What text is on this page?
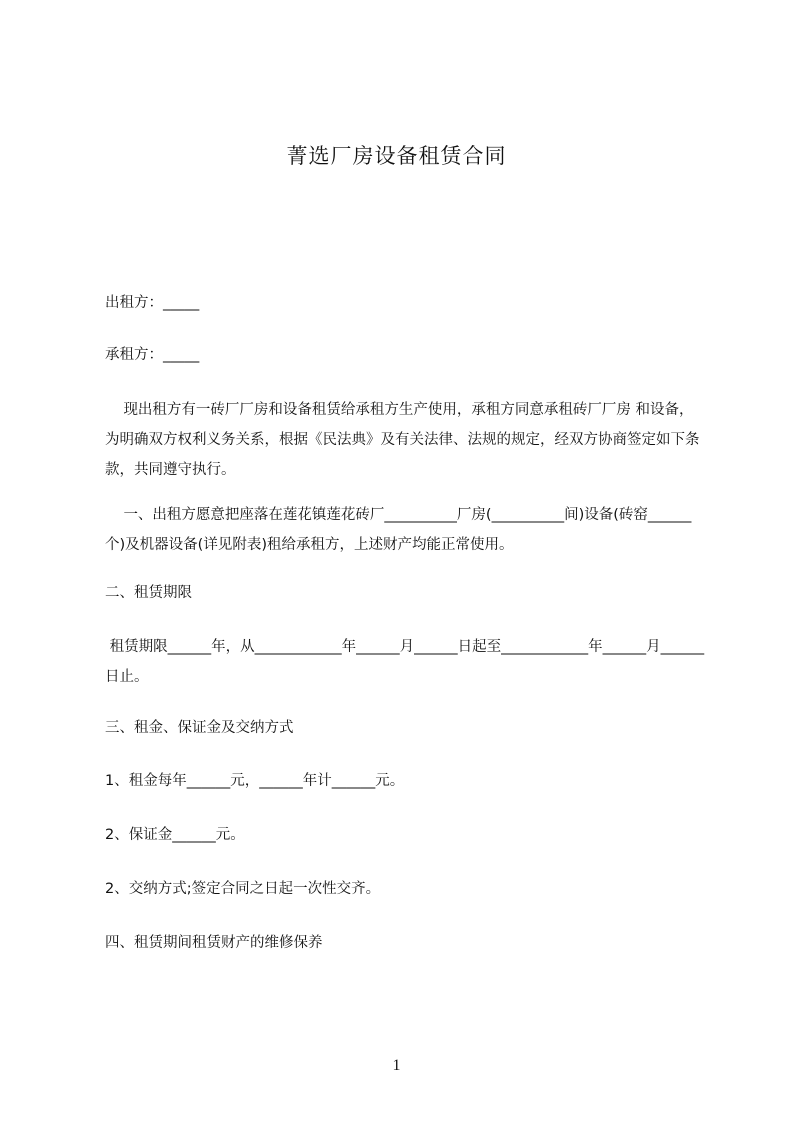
菁选厂房设备租赁合同

出租方：_____

承租方：_____

现出租方有一砖厂厂房和设备租赁给承租方生产使用，承租方同意承租砖厂厂房 和设备，为明确双方权利义务关系，根据《民法典》及有关法律、法规的规定，经双方协商签定如下条款，共同遵守执行。

一、出租方愿意把座落在莲花镇莲花砖厂__________厂房(__________间)设备(砖窑______个)及机器设备(详见附表)租给承租方，上述财产均能正常使用。

二、租赁期限

租赁期限______年，从____________年______月______日起至____________年______月______日止。

三、租金、保证金及交纳方式

1、租金每年______元，______年计______元。

2、保证金______元。

2、交纳方式;签定合同之日起一次性交齐。

四、租赁期间租赁财产的维修保养

1
